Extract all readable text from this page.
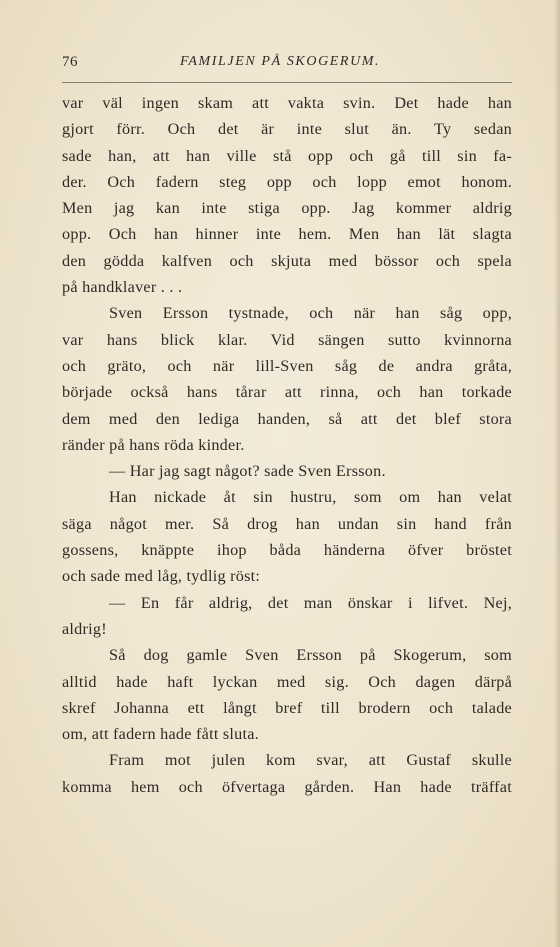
76	FAMILJEN PÅ SKOGERUM.
var väl ingen skam att vakta svin. Det hade han
gjort förr. Och det är inte slut än. Ty sedan
sade han, att han ville stå opp och gå till sin fa-
der. Och fadern steg opp och lopp emot honom.
Men jag kan inte stiga opp. Jag kommer aldrig
opp. Och han hinner inte hem. Men han lät slagta
den gödda kalfven och skjuta med bössor och spela
på handklaver . . .
Sven Ersson tystnade, och när han såg opp,
var hans blick klar. Vid sängen sutto kvinnorna
och gräto, och när lill-Sven såg de andra gråta,
började också hans tårar att rinna, och han torkade
dem med den lediga handen, så att det blef stora
ränder på hans röda kinder.
— Har jag sagt något? sade Sven Ersson.
Han nickade åt sin hustru, som om han velat
säga något mer. Så drog han undan sin hand från
gossens, knäppte ihop båda händerna öfver bröstet
och sade med låg, tydlig röst:
— En får aldrig, det man önskar i lifvet. Nej,
aldrig!
Så dog gamle Sven Ersson på Skogerum, som
alltid hade haft lyckan med sig. Och dagen därpå
skref Johanna ett långt bref till brodern och talade
om, att fadern hade fått sluta.
Fram mot julen kom svar, att Gustaf skulle
komma hem och öfvertaga gården. Han hade träffat
